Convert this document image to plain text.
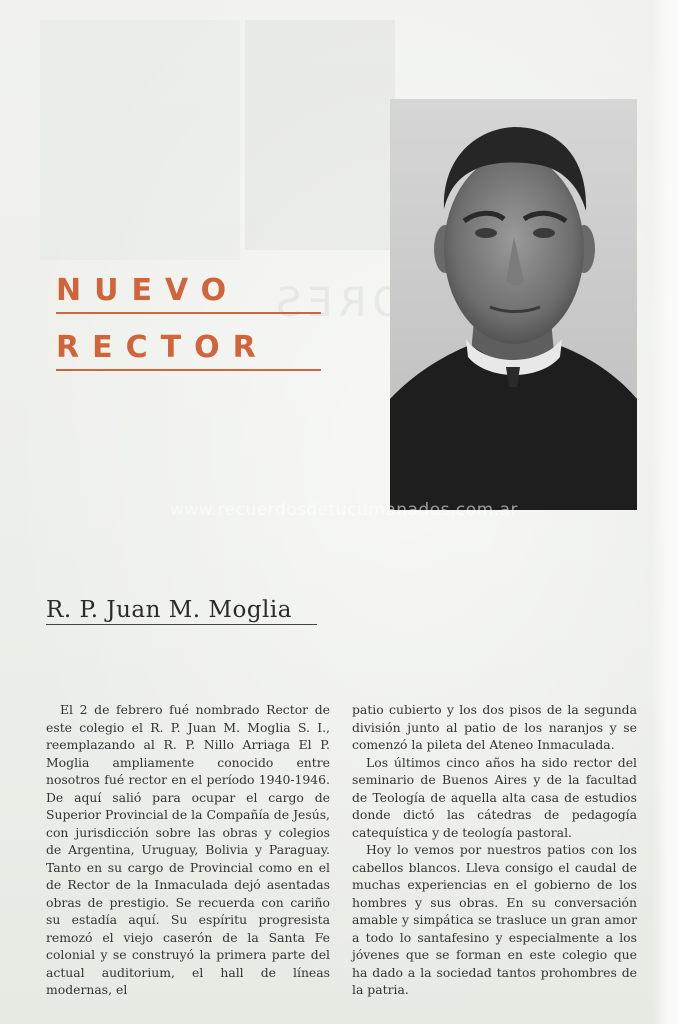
SORES
NUEVO
RECTOR
www.recuerdosdetucumanados.com.ar
R. P. Juan M. Moglia

El 2 de febrero fué nombrado Rector de este colegio el R. P. Juan M. Moglia S. I., reemplazando al R. P. Nillo Arriaga El P. Moglia ampliamente conocido entre nosotros fué rector en el período 1940-1946. De aquí salió para ocupar el cargo de Superior Provincial de la Compañía de Jesús, con jurisdicción sobre las obras y colegios de Argentina, Uruguay, Bolivia y Paraguay. Tanto en su cargo de Provincial como en el de Rector de la Inmaculada dejó asentadas obras de prestigio. Se recuerda con cariño su estadía aquí. Su espíritu progresista remozó el viejo caserón de la Santa Fe colonial y se construyó la primera parte del actual auditorium, el hall de líneas modernas, el

patio cubierto y los dos pisos de la segunda división junto al patio de los naranjos y se comenzó la pileta del Ateneo Inmaculada.

Los últimos cinco años ha sido rector del seminario de Buenos Aires y de la facultad de Teología de aquella alta casa de estudios donde dictó las cátedras de pedagogía catequística y de teología pastoral.

Hoy lo vemos por nuestros patios con los cabellos blancos. Lleva consigo el caudal de muchas experiencias en el gobierno de los hombres y sus obras. En su conversación amable y simpática se trasluce un gran amor a todo lo santafesino y especialmente a los jóvenes que se forman en este colegio que ha dado a la sociedad tantos prohombres de la patria.
